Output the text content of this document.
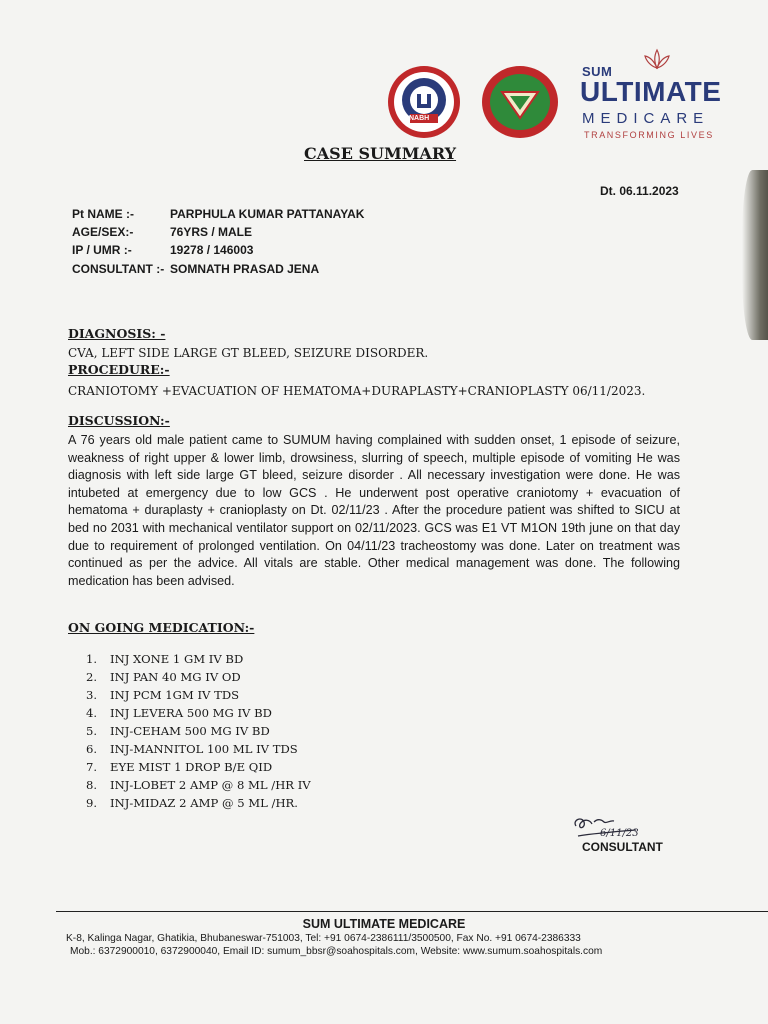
NABH
SUM
ULTIMATE
MEDICARE
TRANSFORMING LIVES
CASE SUMMARY
Dt. 06.11.2023
Pt NAME :-	PARPHULA KUMAR PATTANAYAK
AGE/SEX:-	76YRS / MALE
IP / UMR :-	19278 / 146003
CONSULTANT :- SOMNATH PRASAD JENA
DIAGNOSIS: -
CVA, LEFT SIDE LARGE GT BLEED, SEIZURE DISORDER.
PROCEDURE:-
CRANIOTOMY +EVACUATION OF HEMATOMA+DURAPLASTY+CRANIOPLASTY 06/11/2023.
DISCUSSION:-
A 76 years old male patient came to SUMUM having complained with sudden onset, 1 episode of seizure, weakness of right upper & lower limb, drowsiness, slurring of speech, multiple episode of vomiting He was diagnosis with left side large GT bleed, seizure disorder . All necessary investigation were done. He was intubeted at emergency due to low GCS . He underwent post operative craniotomy + evacuation of hematoma + duraplasty + cranioplasty on Dt. 02/11/23 . After the procedure patient was shifted to SICU at bed no 2031 with mechanical ventilator support on 02/11/2023. GCS was E1 VT M1ON 19th june on that day due to requirement of prolonged ventilation. On 04/11/23 tracheostomy was done. Later on treatment was continued as per the advice. All vitals are stable. Other medical management was done. The following medication has been advised.
ON GOING MEDICATION:-
1. INJ XONE 1 GM IV BD
2. INJ PAN 40 MG IV OD
3. INJ PCM 1GM IV TDS
4. INJ LEVERA 500 MG IV BD
5. INJ-CEHAM 500 MG IV BD
6. INJ-MANNITOL 100 ML IV TDS
7. EYE MIST 1 DROP B/E QID
8. INJ-LOBET 2 AMP @ 8 ML /HR IV
9. INJ-MIDAZ 2 AMP @ 5 ML /HR.
6/11/23
CONSULTANT
SUM ULTIMATE MEDICARE
K-8, Kalinga Nagar, Ghatikia, Bhubaneswar-751003, Tel: +91 0674-2386111/3500500, Fax No. +91 0674-2386333
Mob.: 6372900010, 6372900040, Email ID: sumum_bbsr@soahospitals.com, Website: www.sumum.soahospitals.com
